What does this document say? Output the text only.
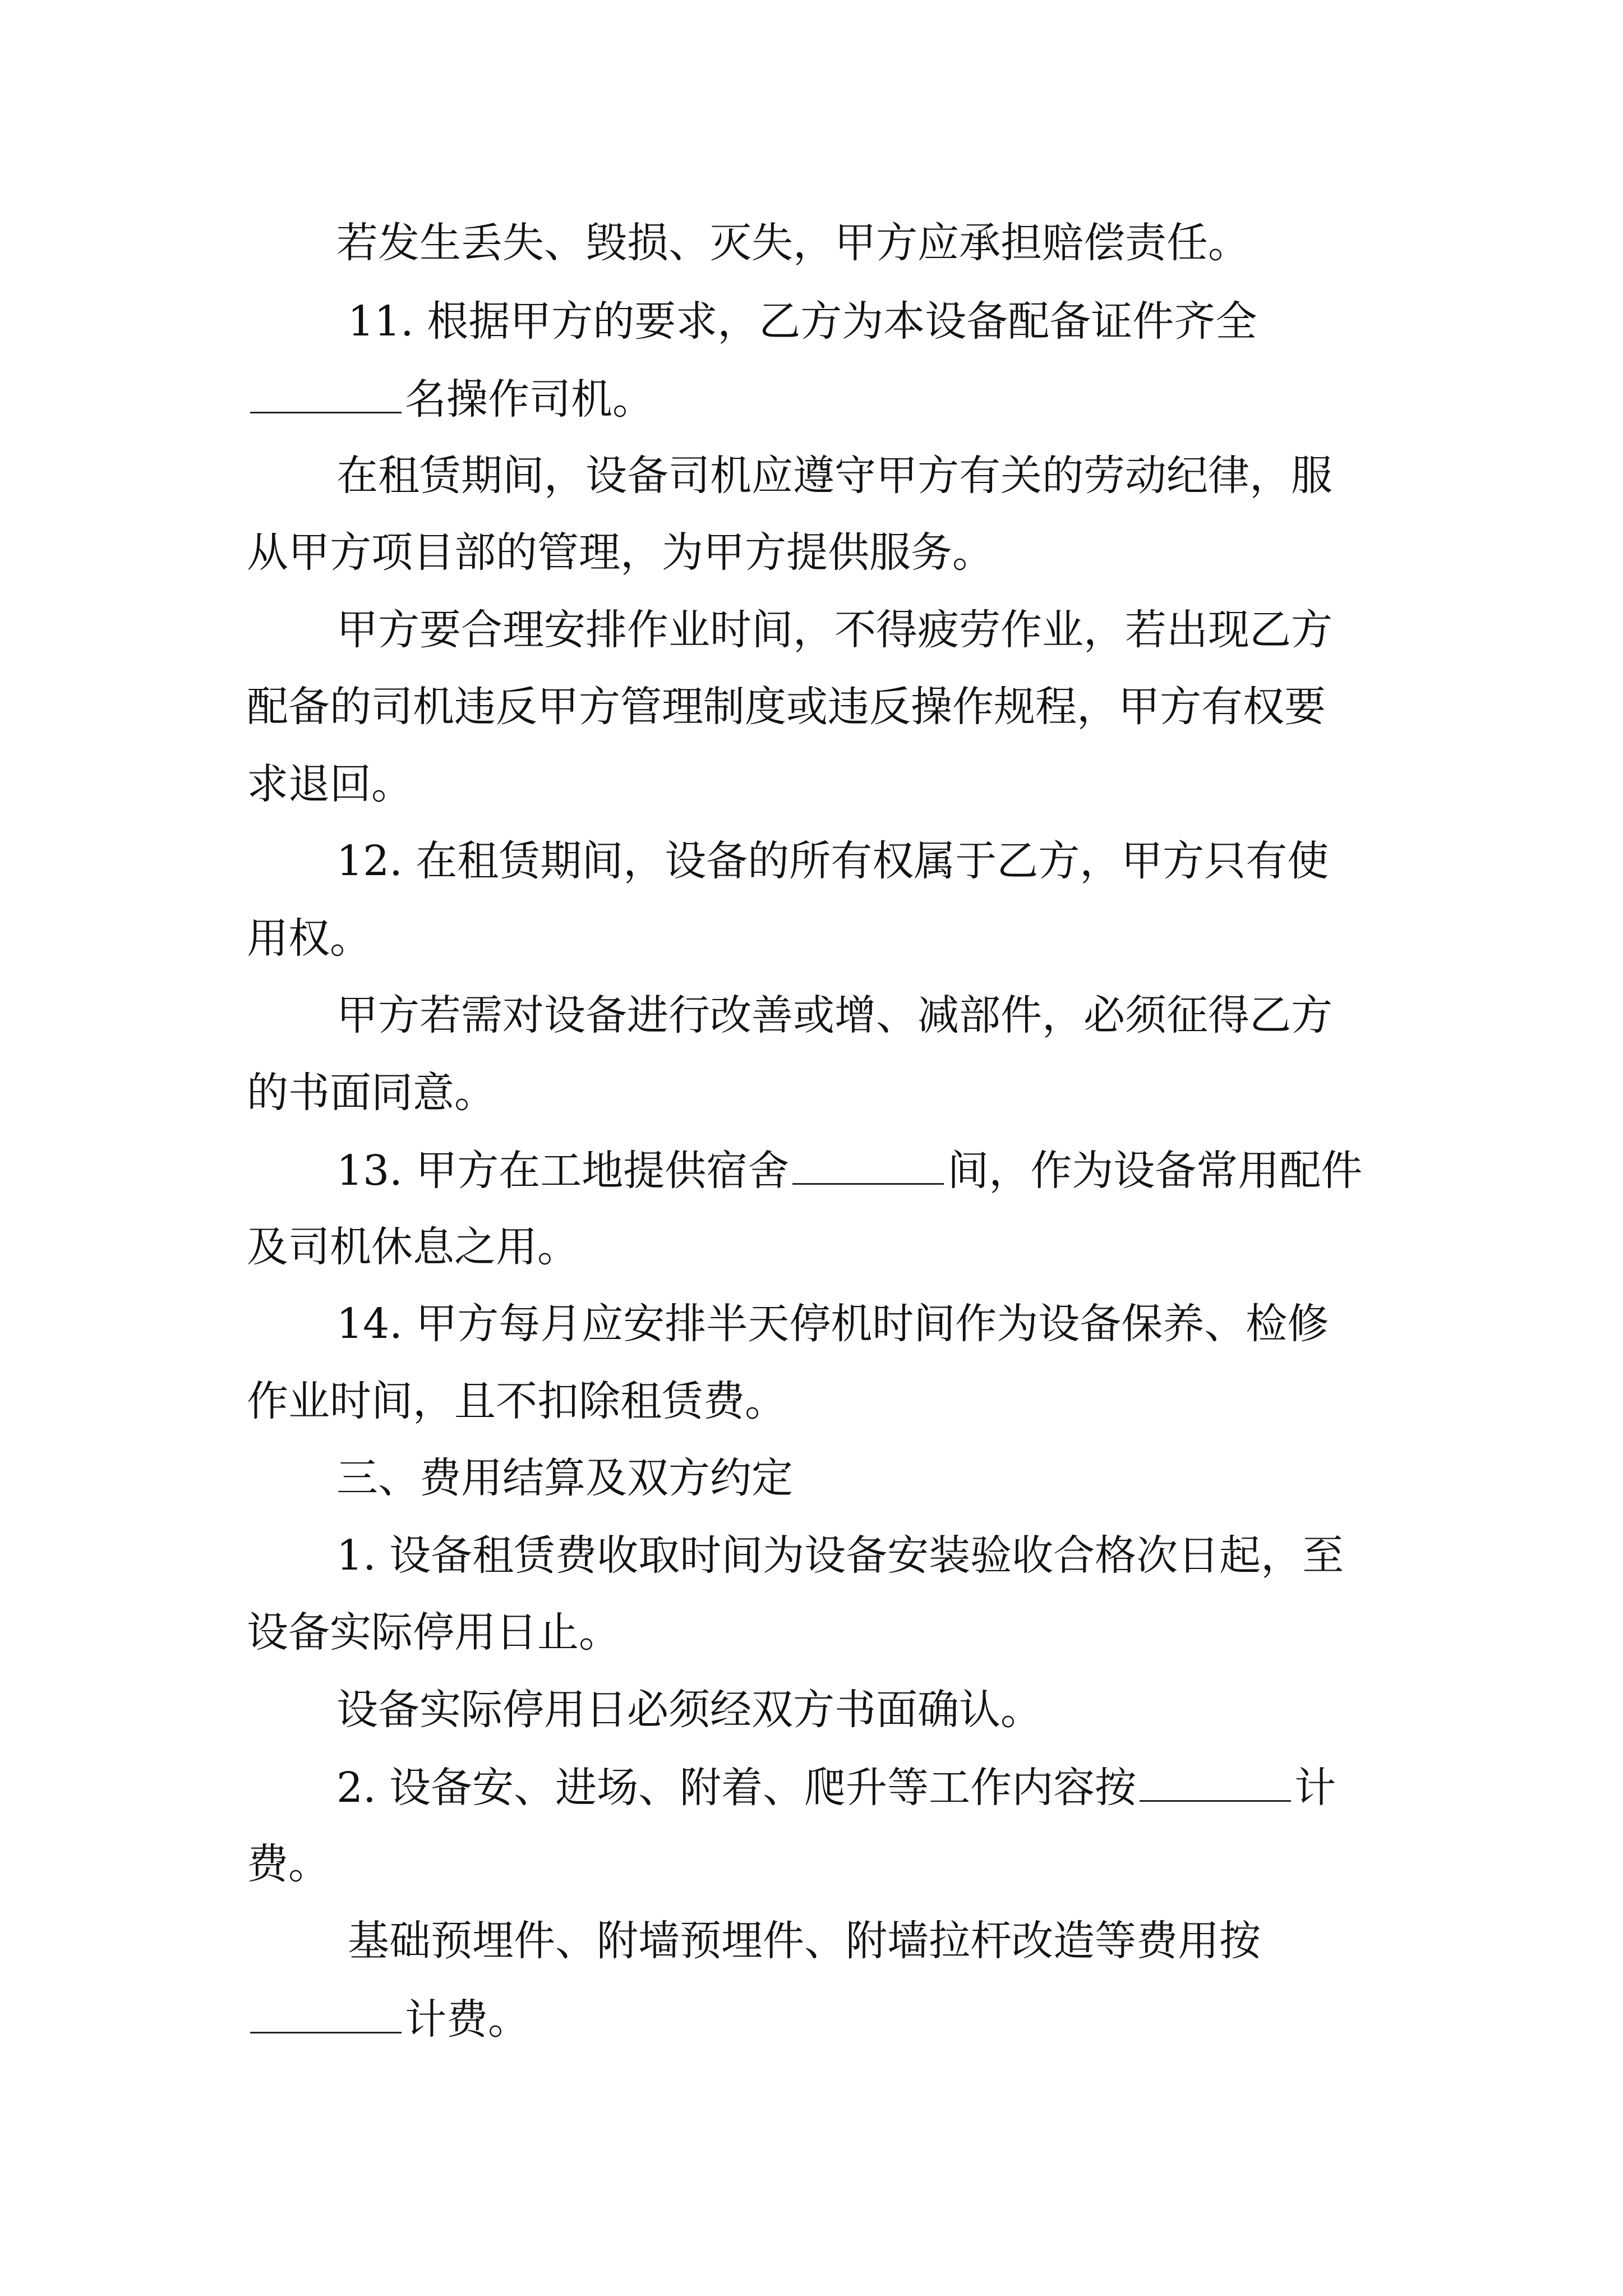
若发生丢失、毁损、灭失，甲方应承担赔偿责任。
11. 根据甲方的要求，乙方为本设备配备证件齐全
名操作司机。
在租赁期间，设备司机应遵守甲方有关的劳动纪律，服
从甲方项目部的管理，为甲方提供服务。
甲方要合理安排作业时间，不得疲劳作业，若出现乙方
配备的司机违反甲方管理制度或违反操作规程，甲方有权要
求退回。
12. 在租赁期间，设备的所有权属于乙方，甲方只有使
用权。
甲方若需对设备进行改善或增、减部件，必须征得乙方
的书面同意。
13. 甲方在工地提供宿舍	间，作为设备常用配件
及司机休息之用。
14. 甲方每月应安排半天停机时间作为设备保养、检修
作业时间，且不扣除租赁费。
三、费用结算及双方约定
1. 设备租赁费收取时间为设备安装验收合格次日起，至
设备实际停用日止。
设备实际停用日必须经双方书面确认。
2. 设备安、进场、附着、爬升等工作内容按	计
费。
基础预埋件、附墙预埋件、附墙拉杆改造等费用按
计费。
